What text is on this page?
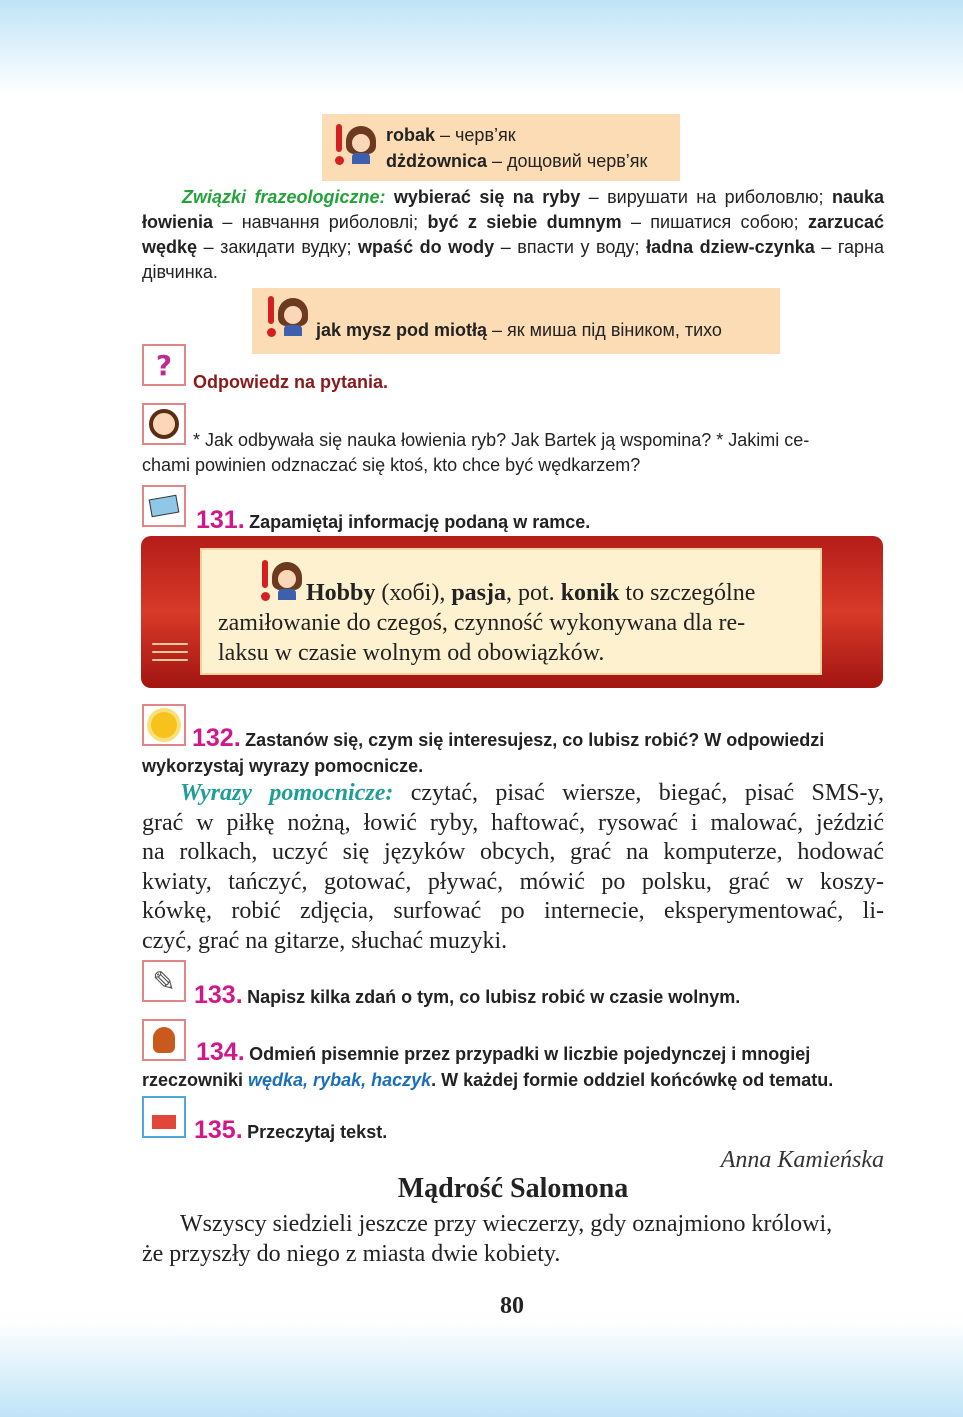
robak – черв’як
dżdżownica – дощовий черв’як
Związki frazeologiczne: wybierać się na ryby – вирушати на риболовлю; nauka łowienia – навчання риболовлі; być z siebie dumnym – пишатися собою; zarzucać wędkę – закидати вудку; wpaść do wody – впасти у воду; ładna dziew-czynka – гарна дівчинка.
jak mysz pod miotłą – як миша під віником, тихо
?
Odpowiedz na pytania.
* Jak odbywała się nauka łowienia ryb? Jak Bartek ją wspomina? * Jakimi ce-
chami powinien odznaczać się ktoś, kto chce być wędkarzem?
131. Zapamiętaj informację podaną w ramce.
Hobby (хобі), pasja, pot. konik to szczególne
zamiłowanie do czegoś, czynność wykonywana dla re-
laksu w czasie wolnym od obowiązków.
132. Zastanów się, czym się interesujesz, co lubisz robić? W odpowiedzi
wykorzystaj wyrazy pomocnicze.
Wyrazy pomocnicze: czytać, pisać wiersze, biegać, pisać SMS-y,
grać w piłkę nożną, łowić ryby, haftować, rysować i malować, jeździć
na rolkach, uczyć się języków obcych, grać na komputerze, hodować
kwiaty, tańczyć, gotować, pływać, mówić po polsku, grać w koszy-
kówkę, robić zdjęcia, surfować po internecie, eksperymentować, li-
czyć, grać na gitarze, słuchać muzyki.
✎ 133. Napisz kilka zdań o tym, co lubisz robić w czasie wolnym.
134. Odmień pisemnie przez przypadki w liczbie pojedynczej i mnogiej
rzeczowniki wędka, rybak, haczyk. W każdej formie oddziel końcówkę od tematu.
135. Przeczytaj tekst.
Anna Kamieńska
Mądrość Salomona
Wszyscy siedzieli jeszcze przy wieczerzy, gdy oznajmiono królowi,
że przyszły do niego z miasta dwie kobiety.
80
